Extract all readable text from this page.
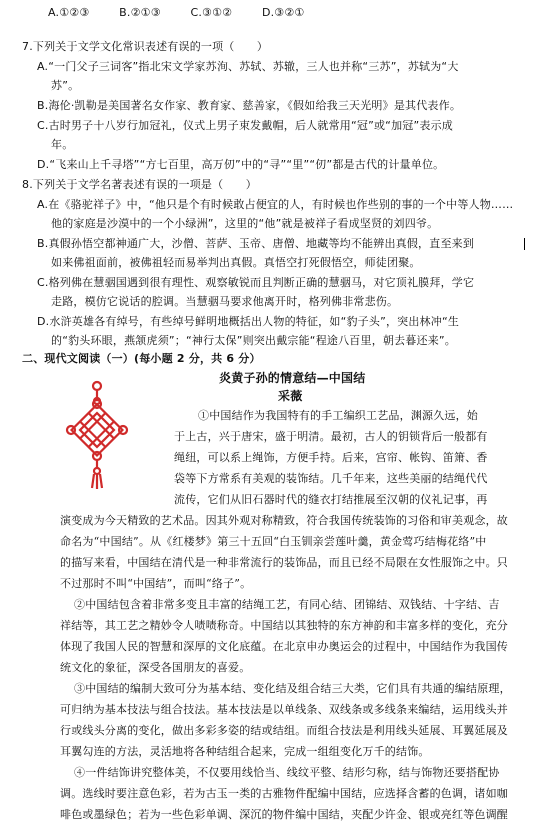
A.①②③	B.②①③	C.③①②	D.③②①
7.下列关于文学文化常识表述有误的一项（　　）
A.“一门父子三词客”指北宋文学家苏洵、苏轼、苏辙，三人也并称“三苏”，苏轼为“大
苏”。
B.海伦·凯勒是美国著名女作家、教育家、慈善家，《假如给我三天光明》是其代表作。
C.古时男子十八岁行加冠礼，仪式上男子束发戴帽，后人就常用“冠”或“加冠”表示成
年。
D.“飞来山上千寻塔”“方七百里，高万仞”中的“寻”“里”“仞”都是古代的计量单位。
8.下列关于文学名著表述有误的一项是（　　）
A.在《骆驼祥子》中，“他只是个有时候敢占便宜的人，有时候也作些别的事的一个中等人物……
他的家庭是沙漠中的一个小绿洲”，这里的“他”就是被祥子看成坚贤的刘四爷。
B.真假孙悟空都神通广大，沙僧、菩萨、玉帝、唐僧、地藏等均不能辨出真假，直至来到
如来佛祖面前，被佛祖轻而易举判出真假。真悟空打死假悟空，师徒团聚。
C.格列佛在慧骃国遇到很有理性、观察敏锐而且判断正确的慧骃马，对它顶礼膜拜，学它
走路，模仿它说话的腔调。当慧骃马要求他离开时，格列佛非常悲伤。
D.水浒英雄各有绰号，有些绰号鲜明地概括出人物的特征，如“豹子头”，突出林冲“生
的“豹头环眼，燕颔虎须”；“神行太保”则突出戴宗能“程途八百里，朝去暮还来”。
二、现代文阅读（一）(每小题 2 分，共 6 分）
炎黄子孙的情意结—中国结
采薇
①中国结作为我国特有的手工编织工艺品，渊源久远，始
于上古，兴于唐宋，盛于明清。最初，古人的钥锁背后一般都有
绳纽，可以系上绳饰，方便手持。后来，宫帘、帐钩、笛箫、香
袋等下方常系有美观的装饰结。几千年来，这些美丽的结绳代代
流传，它们从旧石器时代的缝衣打结推展至汉朝的仪礼记事，再
演变成为今天精致的艺术品。因其外观对称精致，符合我国传统装饰的习俗和审美观念，故
命名为“中国结”。从《红楼梦》第三十五回“白玉钏亲尝莲叶羹，黄金莺巧结梅花络”中
的描写来看，中国结在清代是一种非常流行的装饰品，而且已经不局限在女性服饰之中。只
不过那时不叫“中国结”，而叫“络子”。
②中国结包含着非常多变且丰富的结绳工艺，有同心结、团锦结、双钱结、十字结、吉
祥结等，其工艺之精妙令人啧啧称奇。中国结以其独特的东方神韵和丰富多样的变化，充分
体现了我国人民的智慧和深厚的文化底蕴。在北京申办奥运会的过程中，中国结作为我国传
统文化的象征，深受各国朋友的喜爱。
③中国结的编制大致可分为基本结、变化结及组合结三大类，它们具有共通的编结原理，
可归纳为基本技法与组合技法。基本技法是以单线条、双线条或多线条来编结，运用线头并
行或线头分离的变化，做出多彩多姿的结或结组。而组合技法是利用线头延展、耳翼延展及
耳翼勾连的方法，灵活地将各种结组合起来，完成一组组变化万千的结饰。
④一件结饰讲究整体美，不仅要用线恰当、线纹平整、结形匀称，结与饰物还要搭配协
调。选线时要注意色彩，若为古玉一类的古雅物件配编中国结，应选择含蓄的色调，诸如咖
啡色或墨绿色；若为一些色彩单调、深沉的物件编中国结，夹配少许金、银或亮红等色调醒
